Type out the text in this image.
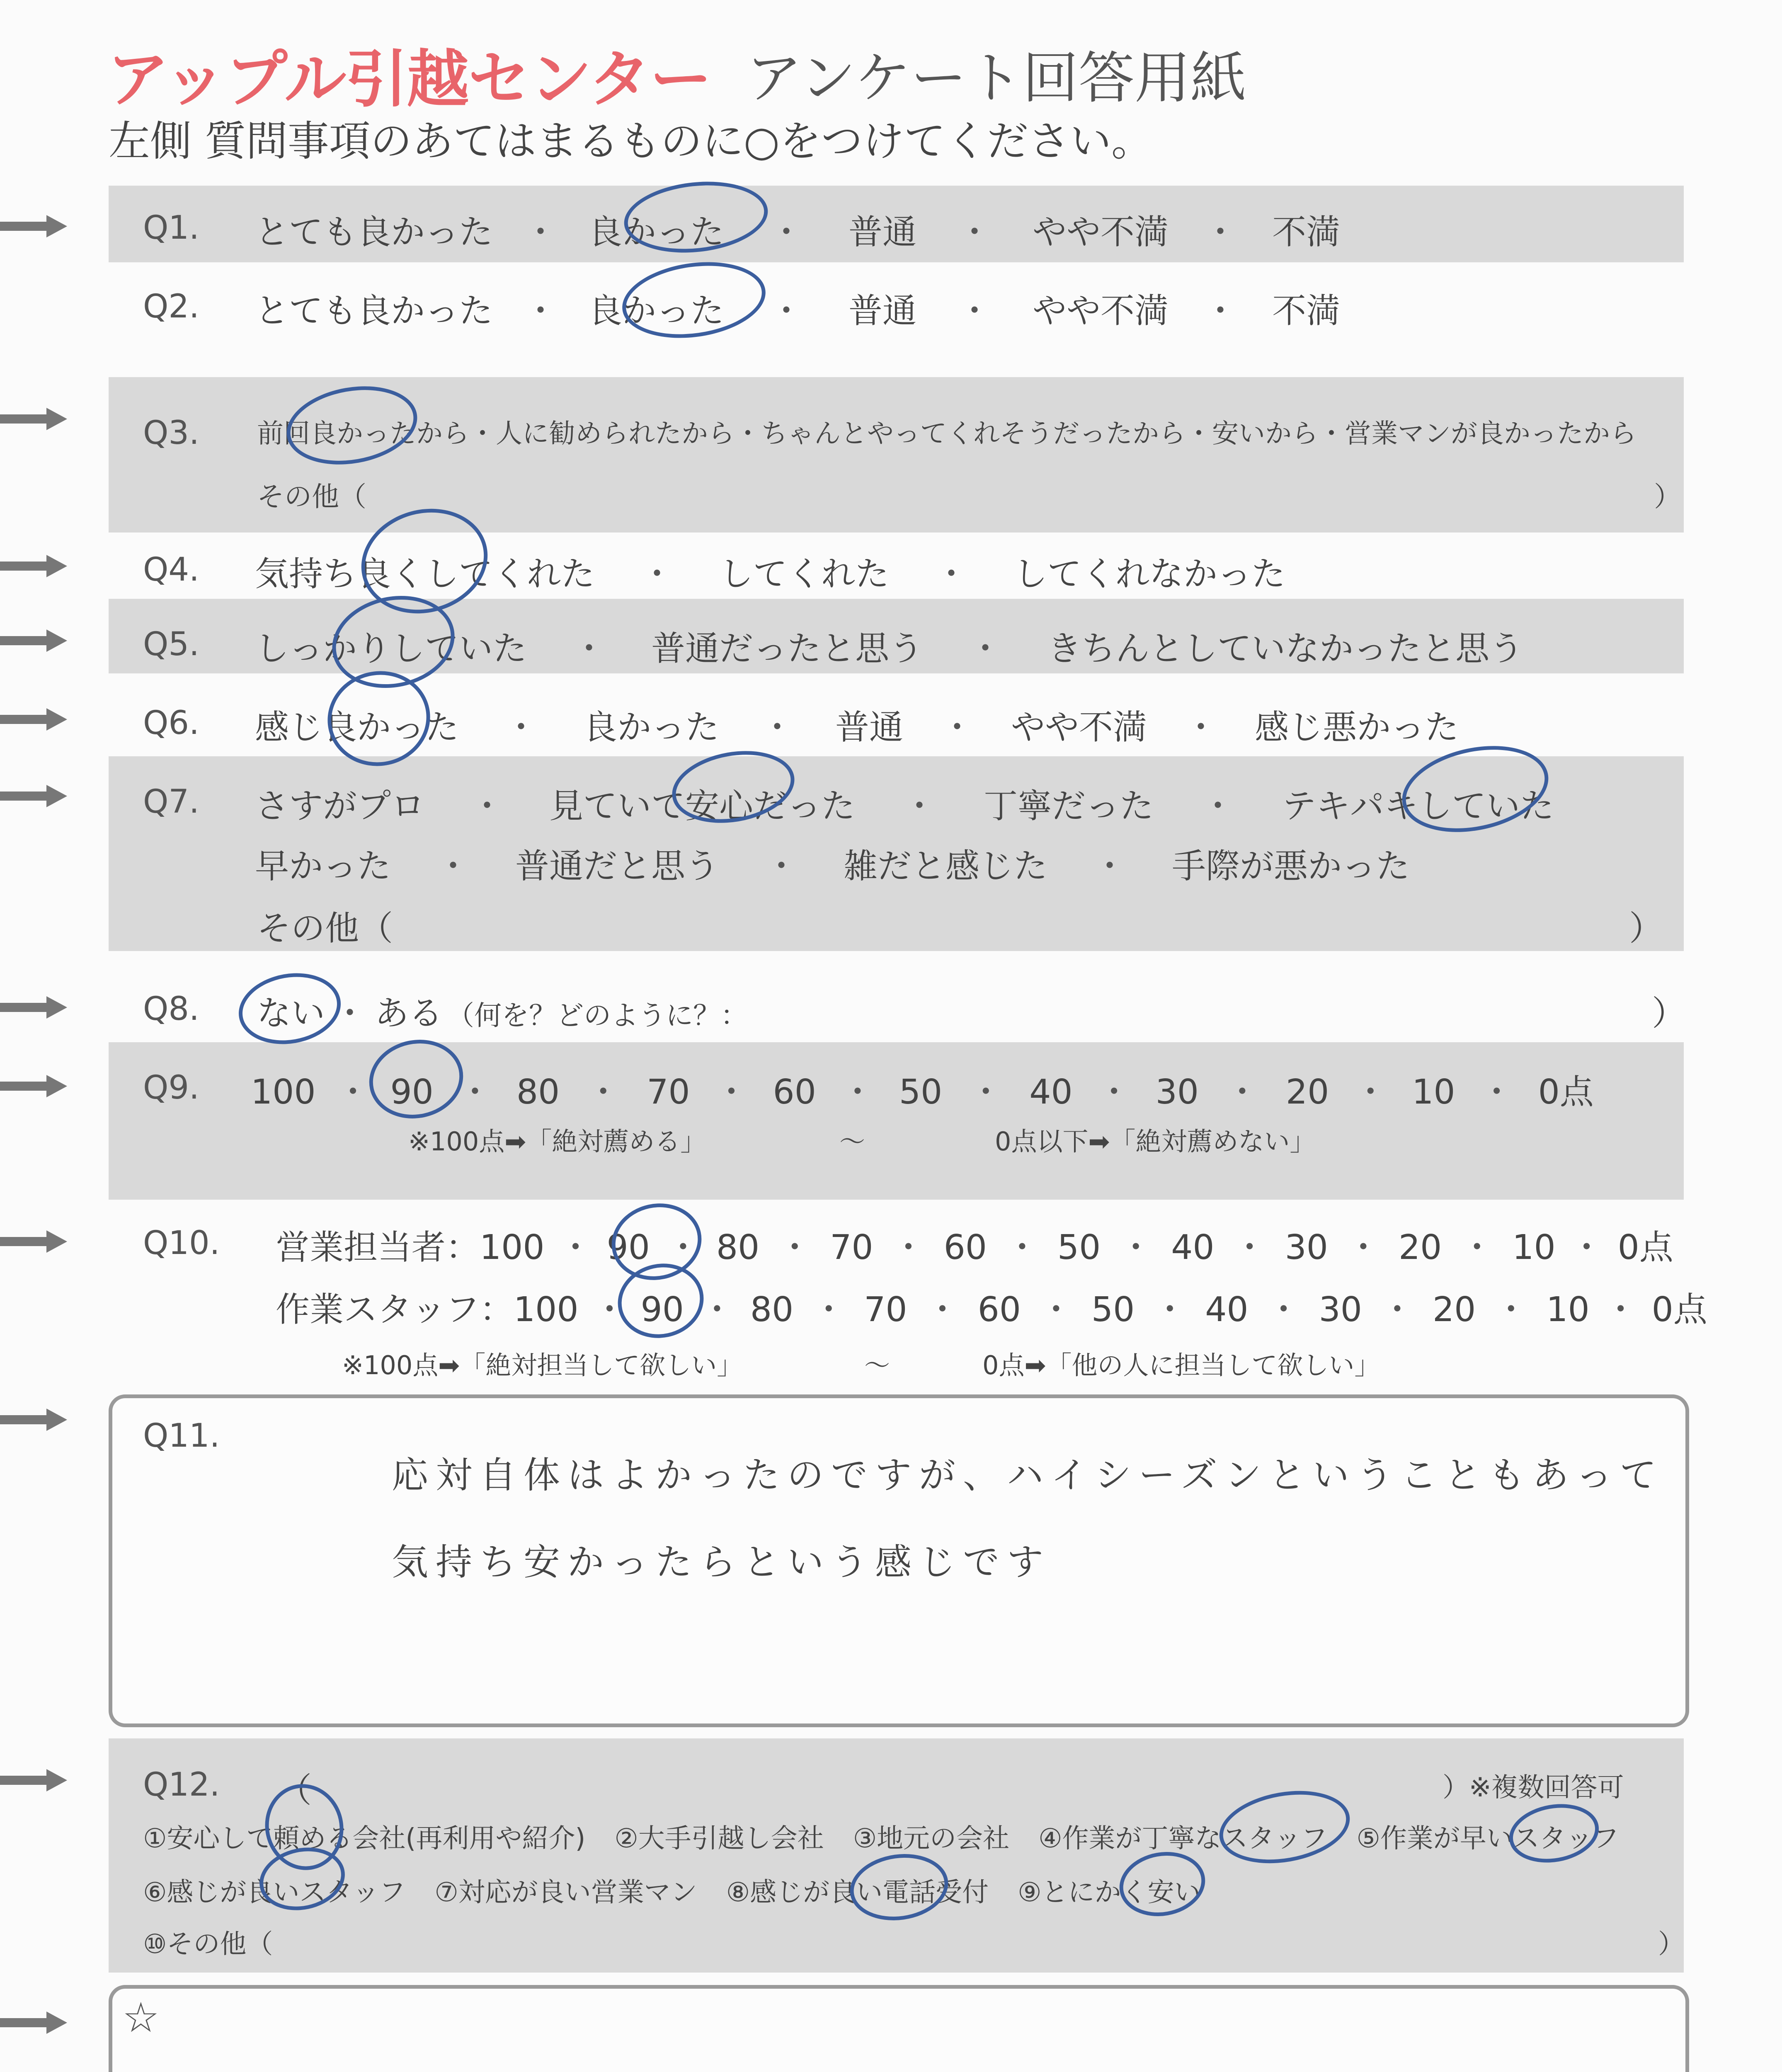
アップル引越センター アンケート回答用紙
左側 質問事項のあてはまるものに○をつけてください。
Q1. とても良かった ・ 良かった ・ 普通 ・ やや不満 ・ 不満
Q2. とても良かった ・ 良かった ・ 普通 ・ やや不満 ・ 不満
Q3. 前回良かったから・人に勧められたから・ちゃんとやってくれそうだったから・安いから・営業マンが良かったから
その他（	）
Q4. 気持ち良くしてくれた ・ してくれた ・ してくれなかった
Q5. しっかりしていた ・ 普通だったと思う ・ きちんとしていなかったと思う
Q6. 感じ良かった ・ 良かった ・ 普通 ・ やや不満 ・ 感じ悪かった
Q7. さすがプロ ・ 見ていて安心だった ・ 丁寧だった ・ テキパキしていた
早かった ・ 普通だと思う ・ 雑だと感じた ・ 手際が悪かった
その他（	）
Q8. ない ・ ある （何を？どのように？：	）
Q9. 100 ・ 90 ・ 80 ・ 70 ・ 60 ・ 50 ・ 40 ・ 30 ・ 20 ・ 10 ・ 0点
※100点➡「絶対薦める」	〜	0点以下➡「絶対薦めない」
Q10. 営業担当者：100 ・ 90 ・ 80 ・ 70 ・ 60 ・ 50 ・ 40 ・ 30 ・ 20 ・ 10 ・ 0点
作業スタッフ：100 ・ 90 ・ 80 ・ 70 ・ 60 ・ 50 ・ 40 ・ 30 ・ 20 ・ 10 ・ 0点
※100点➡「絶対担当して欲しい」	〜	0点➡「他の人に担当して欲しい」
Q11.
応対自体はよかったのですが、ハイシーズンということもあって
気持ち安かったらという感じです
Q12. （	）※複数回答可
①安心して頼める会社(再利用や紹介) ②大手引越し会社 ③地元の会社 ④作業が丁寧なスタッフ ⑤作業が早いスタッフ
⑥感じが良いスタッフ ⑦対応が良い営業マン ⑧感じが良い電話受付 ⑨とにかく安い
⑩その他（	）
☆
